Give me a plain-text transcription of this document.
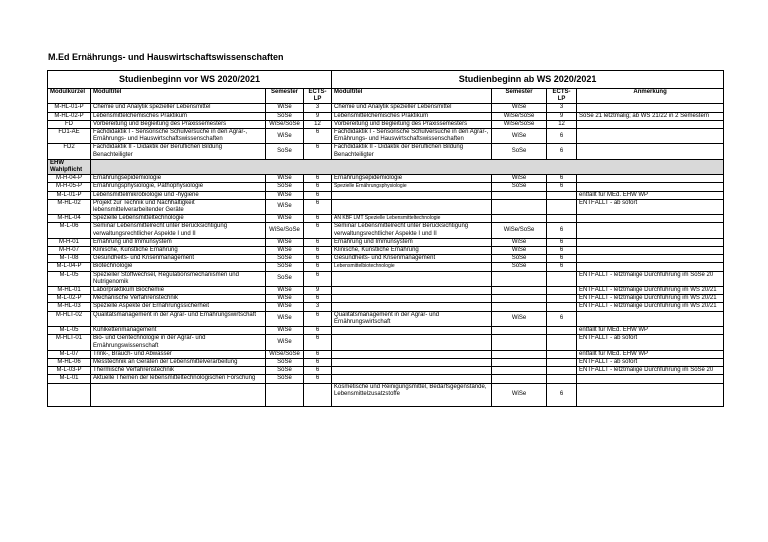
M.Ed Ernährungs- und Hauswirtschaftswissenschaften
Studienbeginn vor WS 2020/2021				Studienbeginn ab WS 2020/2021			
Modulkürzel	Modultitel	Semester	ECTS-LP	Modultitel	Semester	ECTS-LP	Anmerkung
M-HL-01-P	Chemie und Analytik spezieller Lebensmittel	WiSe	3	Chemie und Analytik spezieller Lebensmittel	WiSe	3	
M-HL-02-P	Lebensmittelchemisches Praktikum	SoSe	9	Lebensmittelchemisches Praktikum	WiSe/SoSe	9	SoSe 21 letztmalig; ab WS 21/22 in 2 Semestern
FD	Vorbereitung und Begleitung des Praxissemesters	WiSe/SoSe	12	Vorbereitung und Begleitung des Praxissemesters	WiSe/SoSe	12	
FD1-AE	Fachdidaktik I - Sensorische Schulversuche in den Agrar-, Ernährungs- und Hauswirtschaftswissenschaften	WiSe	6	Fachdidaktik I - Sensorische Schulversuche in den Agrar-, Ernährungs- und Hauswirtschaftswissenschaften	WiSe	6	
FD2	Fachdidaktik II - Didaktik der Beruflichen Bildung Benachteiligter	SoSe	6	Fachdidaktik II - Didaktik der Beruflichen Bildung Benachteiligter	SoSe	6	
EHW Wahlpflicht							
M-H-04-P	Ernährungsepidemiologie	WiSe	6	Ernährungsepidemiologie	WiSe	6	
M-H-05-P	Ernährungsphysiologie, Pathophysiologie	SoSe	6	Spezielle Ernährungsphysiologie	SoSe	6	
M-L-01-P	Lebensmittelmikrobiologie und -hygiene	WiSe	6				entfällt für MEd. EHW WP
M-HL-02	Projekt zur Technik und Nachhaltigkeit lebensmittelverarbeitender Geräte	WiSe	6				ENTFÄLLT - ab sofort
M-HL-04	Spezielle Lebensmitteltechnologie	WiSe	6	AN KBF LMT Spezielle Lebensmitteltechnologie			
M-L-06	Seminar Lebensmittelrecht unter Berücksichtigung verwaltungsrechtlicher Aspekte I und II	WiSe/SoSe	6	Seminar Lebensmittelrecht unter Berücksichtigung verwaltungsrechtlicher Aspekte I und II	WiSe/SoSe	6	
M-H-01	Ernährung und Immunsystem	WiSe	6	Ernährung und Immunsystem	WiSe	6	
M-H-07	Klinische, Künstliche Ernährung	WiSe	6	Klinische, Künstliche Ernährung	WiSe	6	
M-T-08	Gesundheits- und Krisenmanagement	SoSe	6	Gesundheits- und Krisenmanagement	SoSe	6	
M-L-04-P	Biotechnologie	SoSe	6	Lebensmittelbiotechnologie	SoSe	6	
M-L-05	Spezieller Stoffwechsel, Regulationsmechanismen und Nutrigenomik	SoSe	6				ENTFÄLLT - letztmalige Durchführung im SoSe 20
M-HL-01	Laborpraktikum Biochemie	WiSe	9				ENTFÄLLT - letztmalige Durchführung im WS 20/21
M-L-02-P	Mechanische Verfahrenstechnik	WiSe	6				ENTFÄLLT - letztmalige Durchführung im WS 20/21
M-HL-03	Spezielle Aspekte der Ernährungssicherheit	WiSe	3				ENTFÄLLT - letztmalige Durchführung im WS 20/21
M-HLT-02	Qualitätsmanagement in der Agrar- und Ernährungswirtschaft	WiSe	6	Qualitätsmanagement in der Agrar- und Ernährungswirtschaft	WiSe	6	
M-L-05	Kühlkettenmanagement	WiSe	6				entfällt für MEd. EHW WP
M-HLT-01	Bio- und Gentechnologie in der Agrar- und Ernährungswissenschaft	WiSe	6				ENTFÄLLT - ab sofort
M-L-07	Trink-, Brauch- und Abwasser	WiSe/SoSe	6				entfällt für MEd. EHW WP
M-HL-06	Messtechnik an Geräten der Lebensmittelverarbeitung	SoSe	6				ENTFÄLLT - ab sofort
M-L-03-P	Thermische Verfahrenstechnik	SoSe	6				ENTFÄLLT - letztmalige Durchführung im SoSe 20
M-L-01	Aktuelle Themen der lebensmitteltechnologischen Forschung	SoSe	6				
				Kosmetische und Reinigungsmittel, Bedarfsgegenstände, Lebensmittelzusatzstoffe	WiSe	6	
